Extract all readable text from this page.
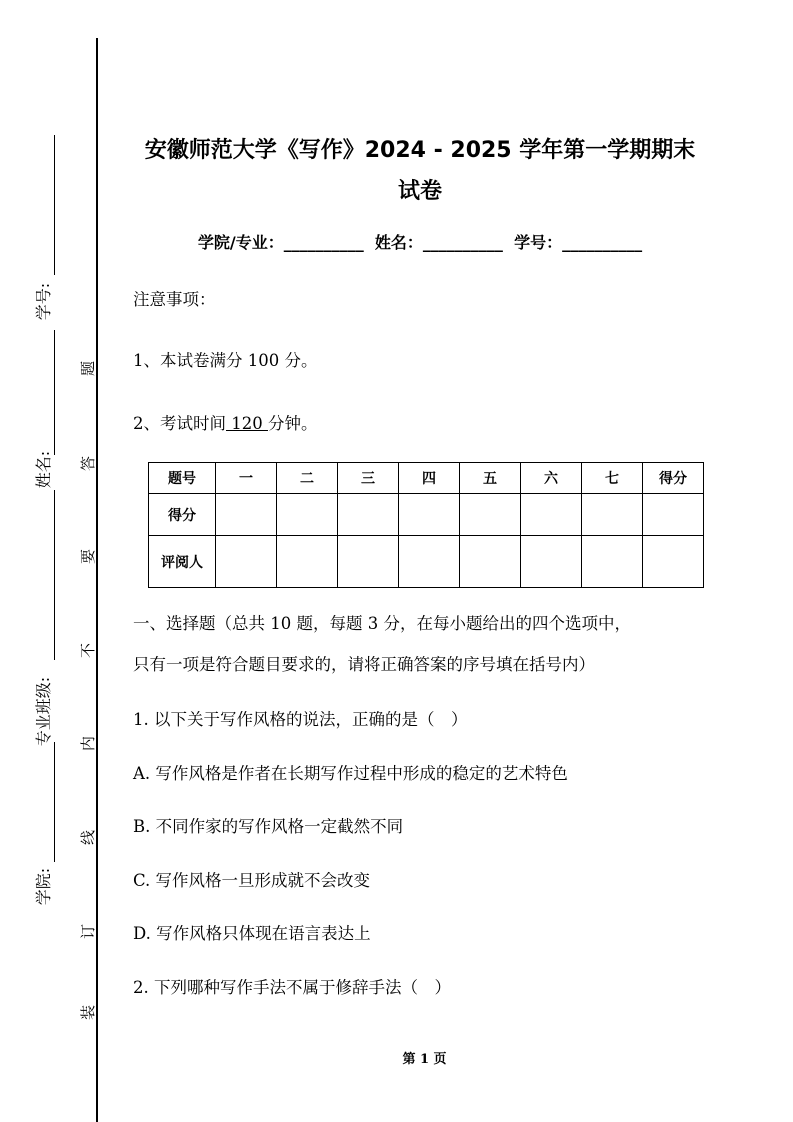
学号:
姓名:
专业班级:
学院:
题
答
要
不
内
线
订
装
安徽师范大学《写作》2024 - 2025 学年第一学期期末
试卷
学院/专业：__________ 姓名：__________ 学号：__________
注意事项：
1、本试卷满分 100 分。
2、考试时间 120 分钟。
题号	一	二	三	四	五	六	七	得分
得分								
评阅人								
一、选择题（总共 10 题，每题 3 分，在每小题给出的四个选项中，
只有一项是符合题目要求的，请将正确答案的序号填在括号内）
1. 以下关于写作风格的说法，正确的是（　）
A. 写作风格是作者在长期写作过程中形成的稳定的艺术特色
B. 不同作家的写作风格一定截然不同
C. 写作风格一旦形成就不会改变
D. 写作风格只体现在语言表达上
2. 下列哪种写作手法不属于修辞手法（　）
第 1 页
